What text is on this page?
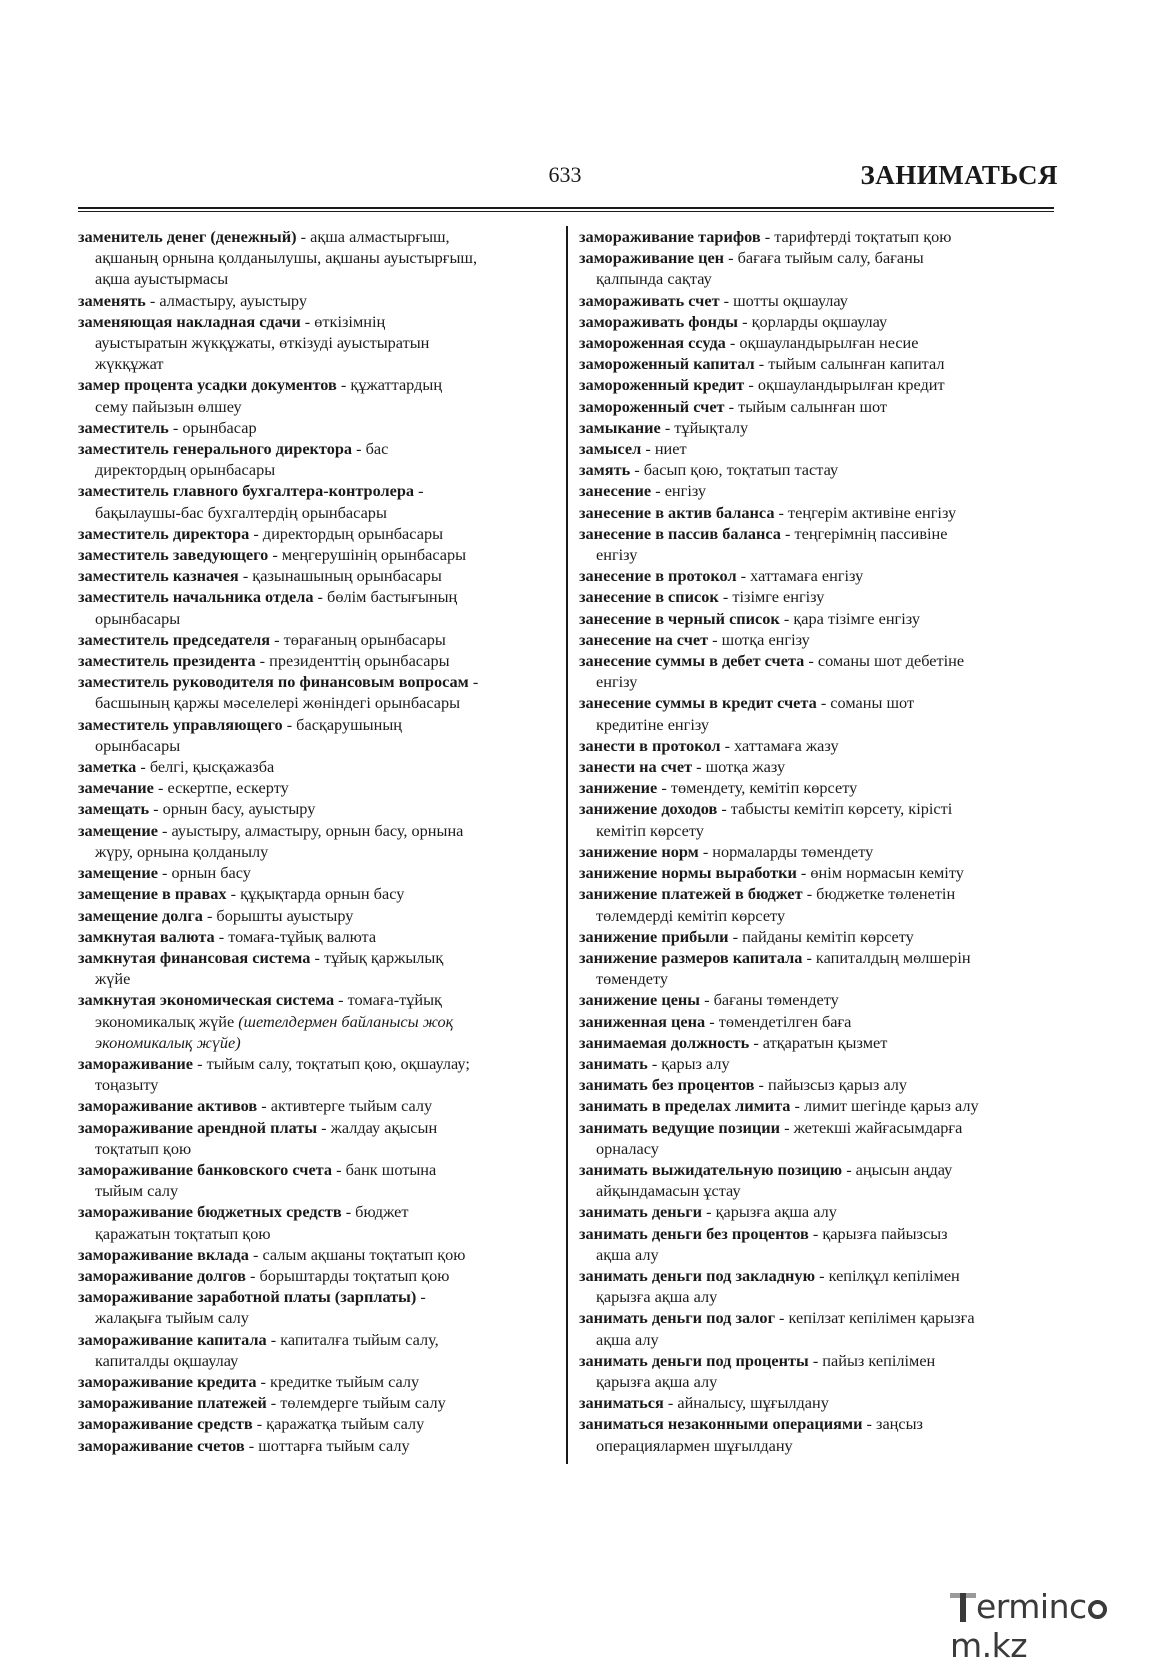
633	ЗАНИМАТЬСЯ

заменитель денег (денежный) - ақша алмастырғыш,
ақшаның орнына қолданылушы, ақшаны ауыстырғыш,
ақша ауыстырмасы

заменять - алмастыру, ауыстыру

заменяющая накладная сдачи - өткізімнің
ауыстыратын жүкқұжаты, өткізуді ауыстыратын
жүкқұжат

замер процента усадки документов - құжаттардың
сему пайызын өлшеу

заместитель - орынбасар

заместитель генерального директора - бас
директордың орынбасары

заместитель главного бухгалтера-контролера -
бақылаушы-бас бухгалтердің орынбасары

заместитель директора - директордың орынбасары

заместитель заведующего - меңгерушінің орынбасары

заместитель казначея - қазынашының орынбасары

заместитель начальника отдела - бөлім бастығының
орынбасары

заместитель председателя - төрағаның орынбасары

заместитель президента - президенттің орынбасары

заместитель руководителя по финансовым вопросам -
басшының қаржы мәселелері жөніндегі орынбасары

заместитель управляющего - басқарушының
орынбасары

заметка - белгі, қысқажазба

замечание - ескертпе, ескерту

замещать - орнын басу, ауыстыру

замещение - ауыстыру, алмастыру, орнын басу, орнына
жүру, орнына қолданылу

замещение - орнын басу

замещение в правах - құқықтарда орнын басу

замещение долга - борышты ауыстыру

замкнутая валюта - томаға-тұйық валюта

замкнутая финансовая система - тұйық қаржылық
жүйе

замкнутая экономическая система - томаға-тұйық
экономикалық жүйе (шетелдермен байланысы жоқ
экономикалық жүйе)

замораживание - тыйым салу, тоқтатып қою, оқшаулау;
тоңазыту

замораживание активов - активтерге тыйым салу

замораживание арендной платы - жалдау ақысын
тоқтатып қою

замораживание банковского счета - банк шотына
тыйым салу

замораживание бюджетных средств - бюджет
қаражатын тоқтатып қою

замораживание вклада - салым ақшаны тоқтатып қою

замораживание долгов - борыштарды тоқтатып қою

замораживание заработной платы (зарплаты) -
жалақыға тыйым салу

замораживание капитала - капиталға тыйым салу,
капиталды оқшаулау

замораживание кредита - кредитке тыйым салу

замораживание платежей - төлемдерге тыйым салу

замораживание средств - қаражатқа тыйым салу

замораживание счетов - шоттарға тыйым салу

замораживание тарифов - тарифтерді тоқтатып қою

замораживание цен - бағаға тыйым салу, бағаны
қалпында сақтау

замораживать счет - шотты оқшаулау

замораживать фонды - қорларды оқшаулау

замороженная ссуда - оқшауландырылған несие

замороженный капитал - тыйым салынған капитал

замороженный кредит - оқшауландырылған кредит

замороженный счет - тыйым салынған шот

замыкание - тұйықталу

замысел - ниет

замять - басып қою, тоқтатып тастау

занесение - енгізу

занесение в актив баланса - теңгерім активіне енгізу

занесение в пассив баланса - теңгерімнің пассивіне
енгізу

занесение в протокол - хаттамаға енгізу

занесение в список - тізімге енгізу

занесение в черный список - қара тізімге енгізу

занесение на счет - шотқа енгізу

занесение суммы в дебет счета - соманы шот дебетіне
енгізу

занесение суммы в кредит счета - соманы шот
кредитіне енгізу

занести в протокол - хаттамаға жазу

занести на счет - шотқа жазу

занижение - төмендету, кемітіп көрсету

занижение доходов - табысты кемітіп көрсету, кірісті
кемітіп көрсету

занижение норм - нормаларды төмендету

занижение нормы выработки - өнім нормасын кеміту

занижение платежей в бюджет - бюджетке төленетін
төлемдерді кемітіп көрсету

занижение прибыли - пайданы кемітіп көрсету

занижение размеров капитала - капиталдың мөлшерін
төмендету

занижение цены - бағаны төмендету

заниженная цена - төмендетілген баға

занимаемая должность - атқаратын қызмет

занимать - қарыз алу

занимать без процентов - пайызсыз қарыз алу

занимать в пределах лимита - лимит шегінде қарыз алу

занимать ведущие позиции - жетекші жайғасымдарға
орналасу

занимать выжидательную позицию - аңысын аңдау
айқындамасын ұстау

занимать деньги - қарызға ақша алу

занимать деньги без процентов - қарызға пайызсыз
ақша алу

занимать деньги под закладную - кепілқұл кепілімен
қарызға ақша алу

занимать деньги под залог - кепілзат кепілімен қарызға
ақша алу

занимать деньги под проценты - пайыз кепілімен
қарызға ақша алу

заниматься - айналысу, шұғылдану

заниматься незаконными операциями - заңсыз
операциялармен шұғылдану

ermincm.kz
